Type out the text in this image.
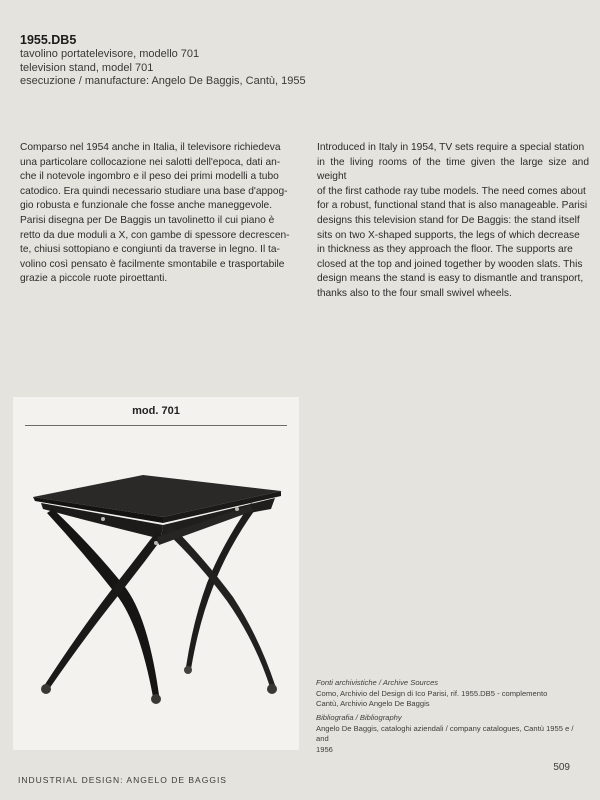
1955.DB5
tavolino portatelevisore, modello 701
television stand, model 701
esecuzione / manufacture: Angelo De Baggis, Cantù, 1955
Comparso nel 1954 anche in Italia, il televisore richiedeva
una particolare collocazione nei salotti dell'epoca, dati an-
che il notevole ingombro e il peso dei primi modelli a tubo
catodico. Era quindi necessario studiare una base d'appog-
gio robusta e funzionale che fosse anche maneggevole.
Parisi disegna per De Baggis un tavolinetto il cui piano è
retto da due moduli a X, con gambe di spessore decrescen-
te, chiusi sottopiano e congiunti da traverse in legno. Il ta-
volino così pensato è facilmente smontabile e trasportabile
grazie a piccole ruote piroettanti.
Introduced in Italy in 1954, TV sets require a special station
in the living rooms of the time given the large size and weight
of the first cathode ray tube models. The need comes about
for a robust, functional stand that is also manageable. Parisi
designs this television stand for De Baggis: the stand itself
sits on two X-shaped supports, the legs of which decrease
in thickness as they approach the floor. The supports are
closed at the top and joined together by wooden slats. This
design means the stand is easy to dismantle and transport,
thanks also to the four small swivel wheels.
mod. 701
Fonti archivistiche / Archive Sources
Como, Archivio del Design di Ico Parisi, rif. 1955.DB5 - complemento
Cantù, Archivio Angelo De Baggis
Bibliografia / Bibliography
Angelo De Baggis, cataloghi aziendali / company catalogues, Cantù 1955 e / and
1956
509
INDUSTRIAL DESIGN: ANGELO DE BAGGIS
